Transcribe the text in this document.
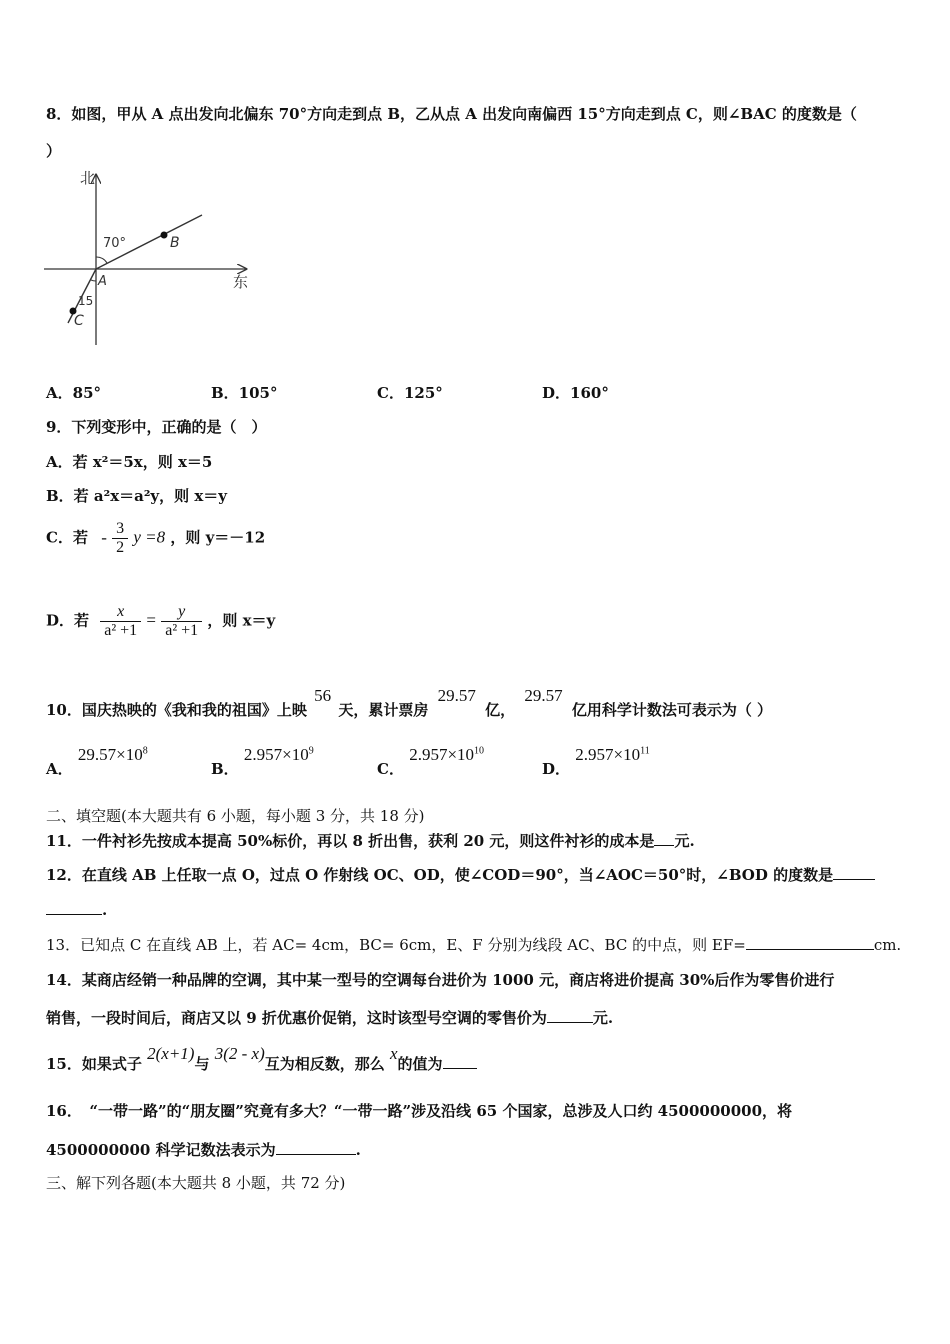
8．如图，甲从 A 点出发向北偏东 70°方向走到点 B，乙从点 A 出发向南偏西 15°方向走到点 C，则∠BAC 的度数是（
）
北
东
70°
15
A
B
C
A．85°	B．105°	C．125°	D．160°
9．下列变形中，正确的是（　）
A．若 x²＝5x，则 x＝5
B．若 a²x＝a²y，则 x＝y
C．若 - $\frac{3}{2}$ y =8 ，则 y＝－12
D．若 $\frac{x}{\text{a² +1}} = \frac{y}{\text{a² +1}}$ ，则 x＝y
10．国庆热映的《我和我的祖国》上映 56 天，累计票房 29.57 亿， 29.57 亿用科学计数法可表示为（ ）
A． $29.57\times 10^8$
B． $2.957\times 10^9$
C． $2.957\times 10^{10}$
D． $2.957\times 10^{11}$
二、填空题(本大题共有 6 小题，每小题 3 分，共 18 分)
11．一件衬衫先按成本提高 50%标价，再以 8 折出售，获利 20 元，则这件衬衫的成本是 元.
12．在直线 AB 上任取一点 O，过点 O 作射线 OC、OD，使∠COD＝90°，当∠AOC＝50°时，∠BOD 的度数是
.
13．已知点 C 在直线 AB 上，若 AC= 4cm，BC= 6cm，E、F 分别为线段 AC、BC 的中点，则 EF=	cm.
14．某商店经销一种品牌的空调，其中某一型号的空调每台进价为 1000 元，商店将进价提高 30%后作为零售价进行
销售，一段时间后，商店又以 9 折优惠价促销，这时该型号空调的零售价为	元.
15．如果式子 2(x+1)与 3(2 - x)互为相反数，那么 x的值为
16．　“一带一路”的“朋友圈”究竟有多大？“一带一路”涉及沿线 65 个国家，总涉及人口约 4500000000，将
4500000000 科学记数法表示为	.
三、解下列各题(本大题共 8 小题，共 72 分)
